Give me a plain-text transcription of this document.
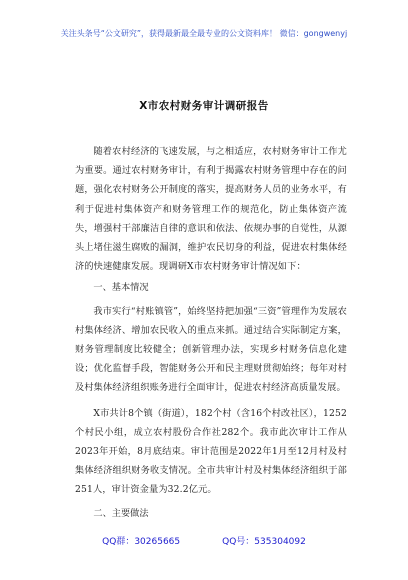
关注头条号“公文研究”，获得最新最全最专业的公文资料库！ 微信：gongwenyj
X市农村财务审计调研报告

随着农村经济的飞速发展，与之相适应，农村财务审计工作尤为重要。通过农村财务审计，有利于揭露农村财务管理中存在的问题，强化农村财务公开制度的落实，提高财务人员的业务水平，有利于促进村集体资产和财务管理工作的规范化，防止集体资产流失，增强村干部廉洁自律的意识和依法、依规办事的自觉性，从源头上堵住滋生腐败的漏洞，维护农民切身的利益，促进农村集体经济的快速健康发展。现调研X市农村财务审计情况如下：

一、基本情况

我市实行“村账镇管”，始终坚持把加强“三资”管理作为发展农村集体经济、增加农民收入的重点来抓。通过结合实际制定方案，财务管理制度比较健全；创新管理办法，实现乡村财务信息化建设；优化监督手段，智能财务公开和民主理财贯彻始终；每年对村及村集体经济组织账务进行全面审计，促进农村经济高质量发展。

X市共计8个镇（街道），182个村（含16个村改社区），1252个村民小组，成立农村股份合作社282个。我市此次审计工作从2023年开始，8月底结束。审计范围是2022年1月至12月村及村集体经济组织财务收支情况。全市共审计村及村集体经济组织于部251人，审计资金量为32.2亿元。

二、主要做法

QQ群：30265665	QQ号：535304092
